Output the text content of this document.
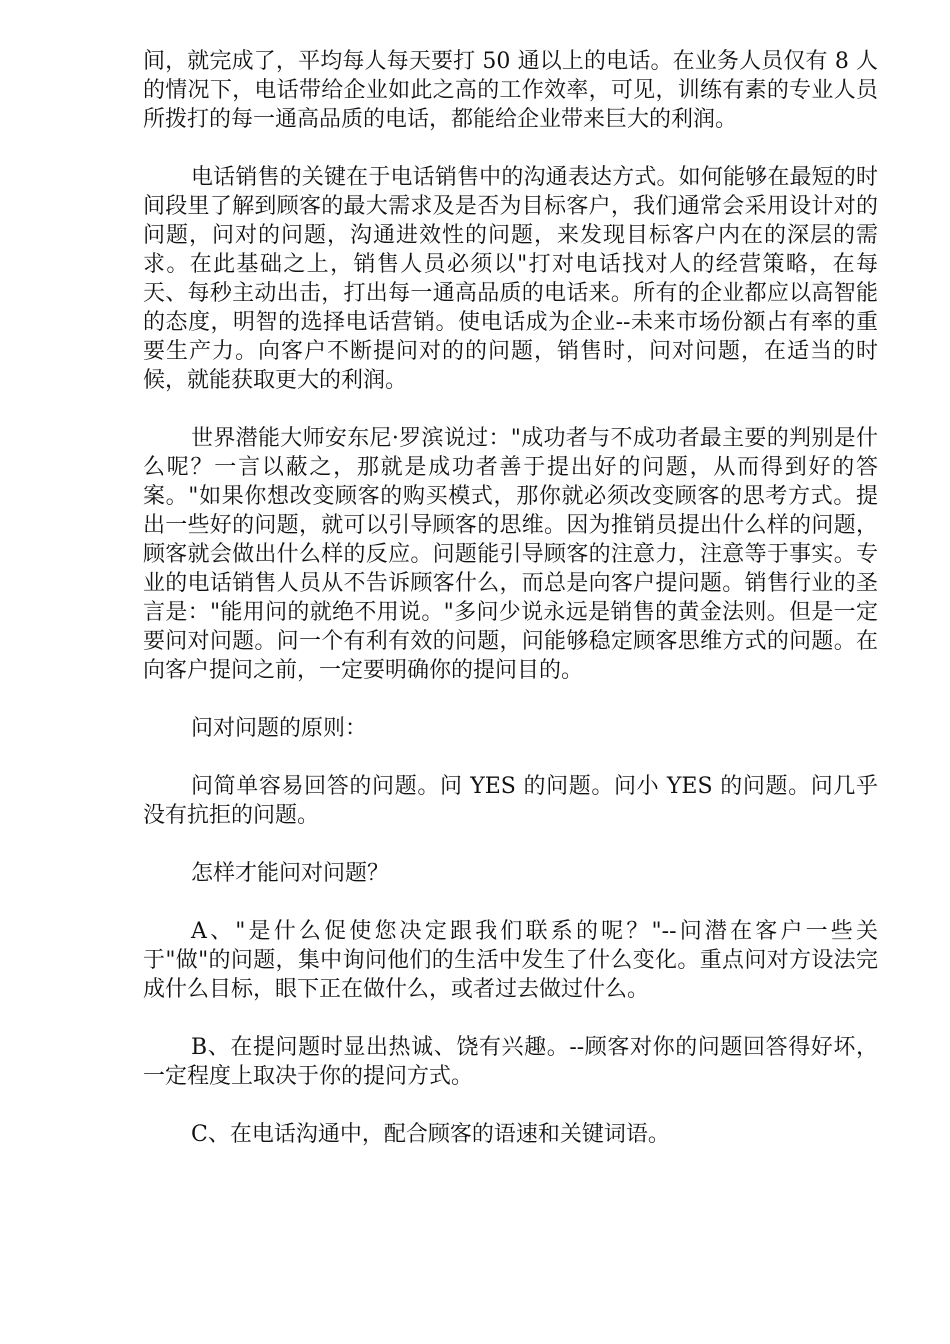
间，就完成了，平均每人每天要打 50 通以上的电话。在业务人员仅有 8 人的情况下，电话带给企业如此之高的工作效率，可见，训练有素的专业人员所拨打的每一通高品质的电话，都能给企业带来巨大的利润。

电话销售的关键在于电话销售中的沟通表达方式。如何能够在最短的时间段里了解到顾客的最大需求及是否为目标客户，我们通常会采用设计对的问题，问对的问题，沟通进效性的问题，来发现目标客户内在的深层的需求。在此基础之上，销售人员必须以"打对电话找对人的经营策略，在每天、每秒主动出击，打出每一通高品质的电话来。所有的企业都应以高智能的态度，明智的选择电话营销。使电话成为企业--未来市场份额占有率的重要生产力。向客户不断提问对的的问题，销售时，问对问题，在适当的时候，就能获取更大的利润。

世界潜能大师安东尼·罗滨说过："成功者与不成功者最主要的判别是什么呢？一言以蔽之，那就是成功者善于提出好的问题，从而得到好的答案。"如果你想改变顾客的购买模式，那你就必须改变顾客的思考方式。提出一些好的问题，就可以引导顾客的思维。因为推销员提出什么样的问题，顾客就会做出什么样的反应。问题能引导顾客的注意力，注意等于事实。专业的电话销售人员从不告诉顾客什么，而总是向客户提问题。销售行业的圣言是："能用问的就绝不用说。"多问少说永远是销售的黄金法则。但是一定要问对问题。问一个有利有效的问题，问能够稳定顾客思维方式的问题。在向客户提问之前，一定要明确你的提问目的。

问对问题的原则：

问简单容易回答的问题。问 YES 的问题。问小 YES 的问题。问几乎没有抗拒的问题。

怎样才能问对问题？

A、"是什么促使您决定跟我们联系的呢？"--问潜在客户一些关于"做"的问题，集中询问他们的生活中发生了什么变化。重点问对方设法完成什么目标，眼下正在做什么，或者过去做过什么。

B、在提问题时显出热诚、饶有兴趣。--顾客对你的问题回答得好坏，一定程度上取决于你的提问方式。

C、在电话沟通中，配合顾客的语速和关键词语。
